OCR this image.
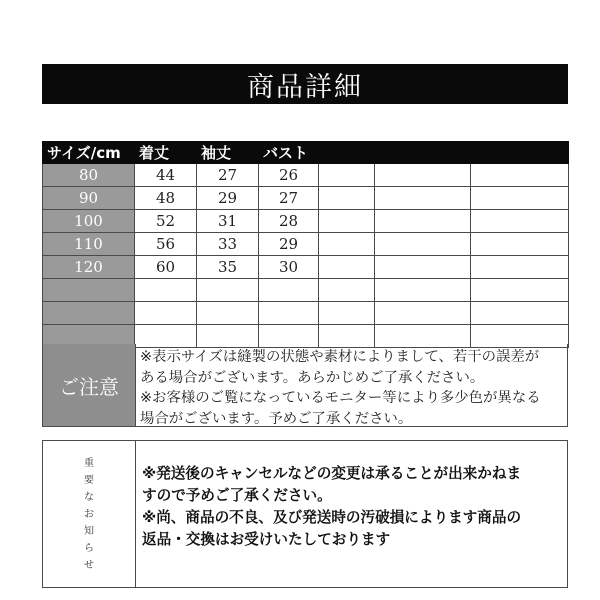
商品詳細
サイズ/cm	着丈	袖丈	バスト			
80	44	27	26			
90	48	29	27			
100	52	31	28			
110	56	33	29			
120	60	35	30			

ご注意
※表示サイズは縫製の状態や素材によりまして、若干の誤差が
ある場合がございます。あらかじめご了承ください。
※お客様のご覧になっているモニター等により多少色が異なる
場合がございます。予めご了承ください。
重
要
な
お
知
ら
せ

※発送後のキャンセルなどの変更は承ることが出来かねま

すので予めご了承ください。

※尚、商品の不良、及び発送時の汚破損によります商品の

返品・交換はお受けいたしております
